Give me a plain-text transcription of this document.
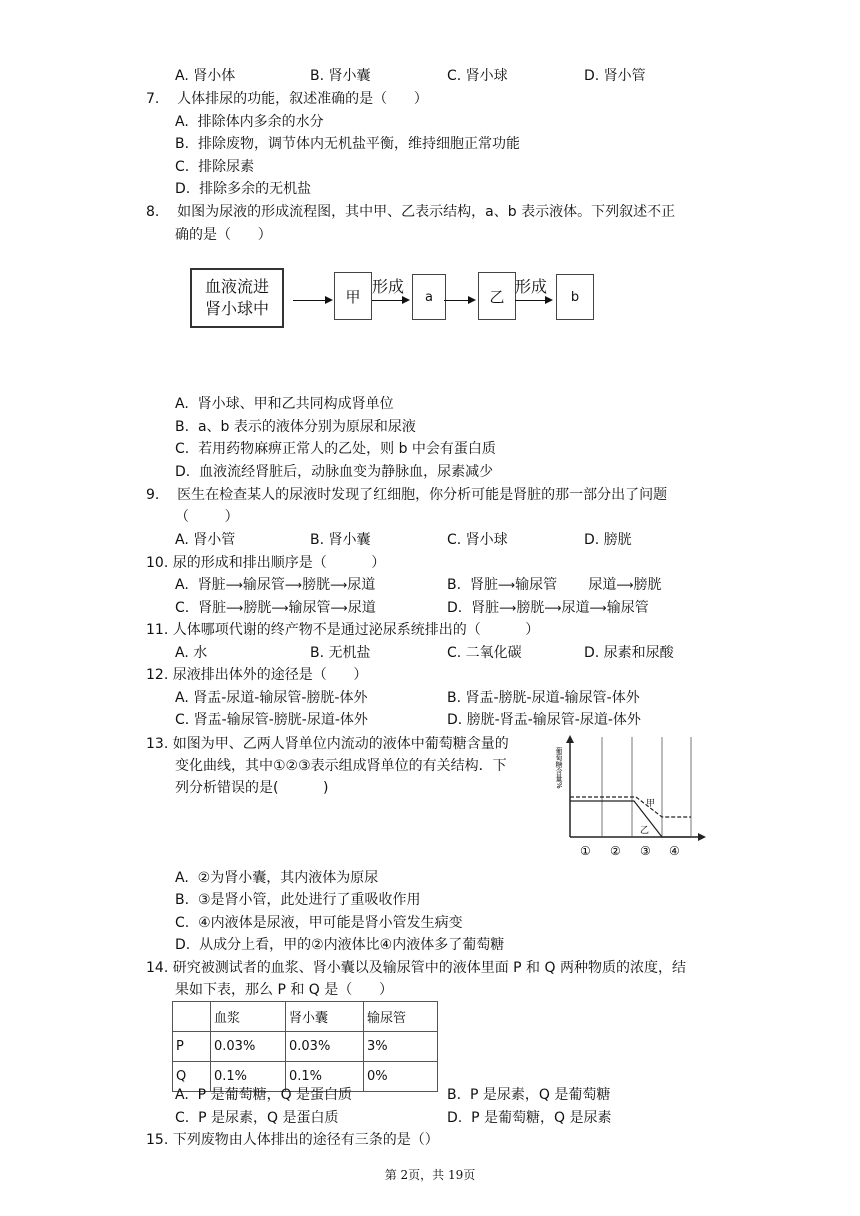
A. 肾小体	B. 肾小囊	C. 肾小球	D. 肾小管
7.    人体排尿的功能，叙述准确的是（      ）
A.  排除体内多余的水分
B.  排除废物，调节体内无机盐平衡，维持细胞正常功能
C.  排除尿素
D.  排除多余的无机盐
8.    如图为尿液的形成流程图，其中甲、乙表示结构，a、b 表示液体。下列叙述不正
确的是（      ）
血液流进
肾小球中
甲
形成
a	乙
形成
b
A.  肾小球、甲和乙共同构成肾单位
B.  a、b 表示的液体分别为原尿和尿液
C.  若用药物麻痹正常人的乙处，则 b 中会有蛋白质
D.  血液流经肾脏后，动脉血变为静脉血，尿素减少
9.    医生在检查某人的尿液时发现了红细胞，你分析可能是肾脏的那一部分出了问题
（        ）
A. 肾小管	B. 肾小囊	C. 肾小球	D. 膀胱
10. 尿的形成和排出顺序是（          ）
A. 肾脏⟶输尿管⟶膀胱⟶尿道	B. 肾脏⟶输尿管 尿道⟶膀胱
C. 肾脏⟶膀胱⟶输尿管⟶尿道	D. 肾脏⟶膀胱⟶尿道⟶输尿管
11. 人体哪项代谢的终产物不是通过泌尿系统排出的（          ）
A. 水	B. 无机盐	C. 二氧化碳	D. 尿素和尿酸
12. 尿液排出体外的途径是（      ）
A. 肾盂-尿道-输尿管-膀胱-体外	B. 肾盂-膀胱-尿道-输尿管-体外
C. 肾盂-输尿管-膀胱-尿道-体外	D. 膀胱-肾盂-输尿管-尿道-体外
13. 如图为甲、乙两人肾单位内流动的液体中葡萄糖含量的
变化曲线，其中①②③表示组成肾单位的有关结构．下
列分析错误的是(          )	葡萄糖含量%
甲
乙
① ② ③ ④
A.  ②为肾小囊，其内液体为原尿
B.  ③是肾小管，此处进行了重吸收作用
C.  ④内液体是尿液，甲可能是肾小管发生病变
D.  从成分上看，甲的②内液体比④内液体多了葡萄糖
14. 研究被测试者的血浆、肾小囊以及输尿管中的液体里面 P 和 Q 两种物质的浓度，结
果如下表，那么 P 和 Q 是（      ）
	血浆	肾小囊	输尿管
P	0.03%	0.03%	3%
Q	0.1%	0.1%	0%
A.  P 是葡萄糖，Q 是蛋白质	B.  P 是尿素，Q 是葡萄糖
C.  P 是尿素，Q 是蛋白质	D.  P 是葡萄糖，Q 是尿素
15. 下列废物由人体排出的途径有三条的是（）
第 2页，共 19页
